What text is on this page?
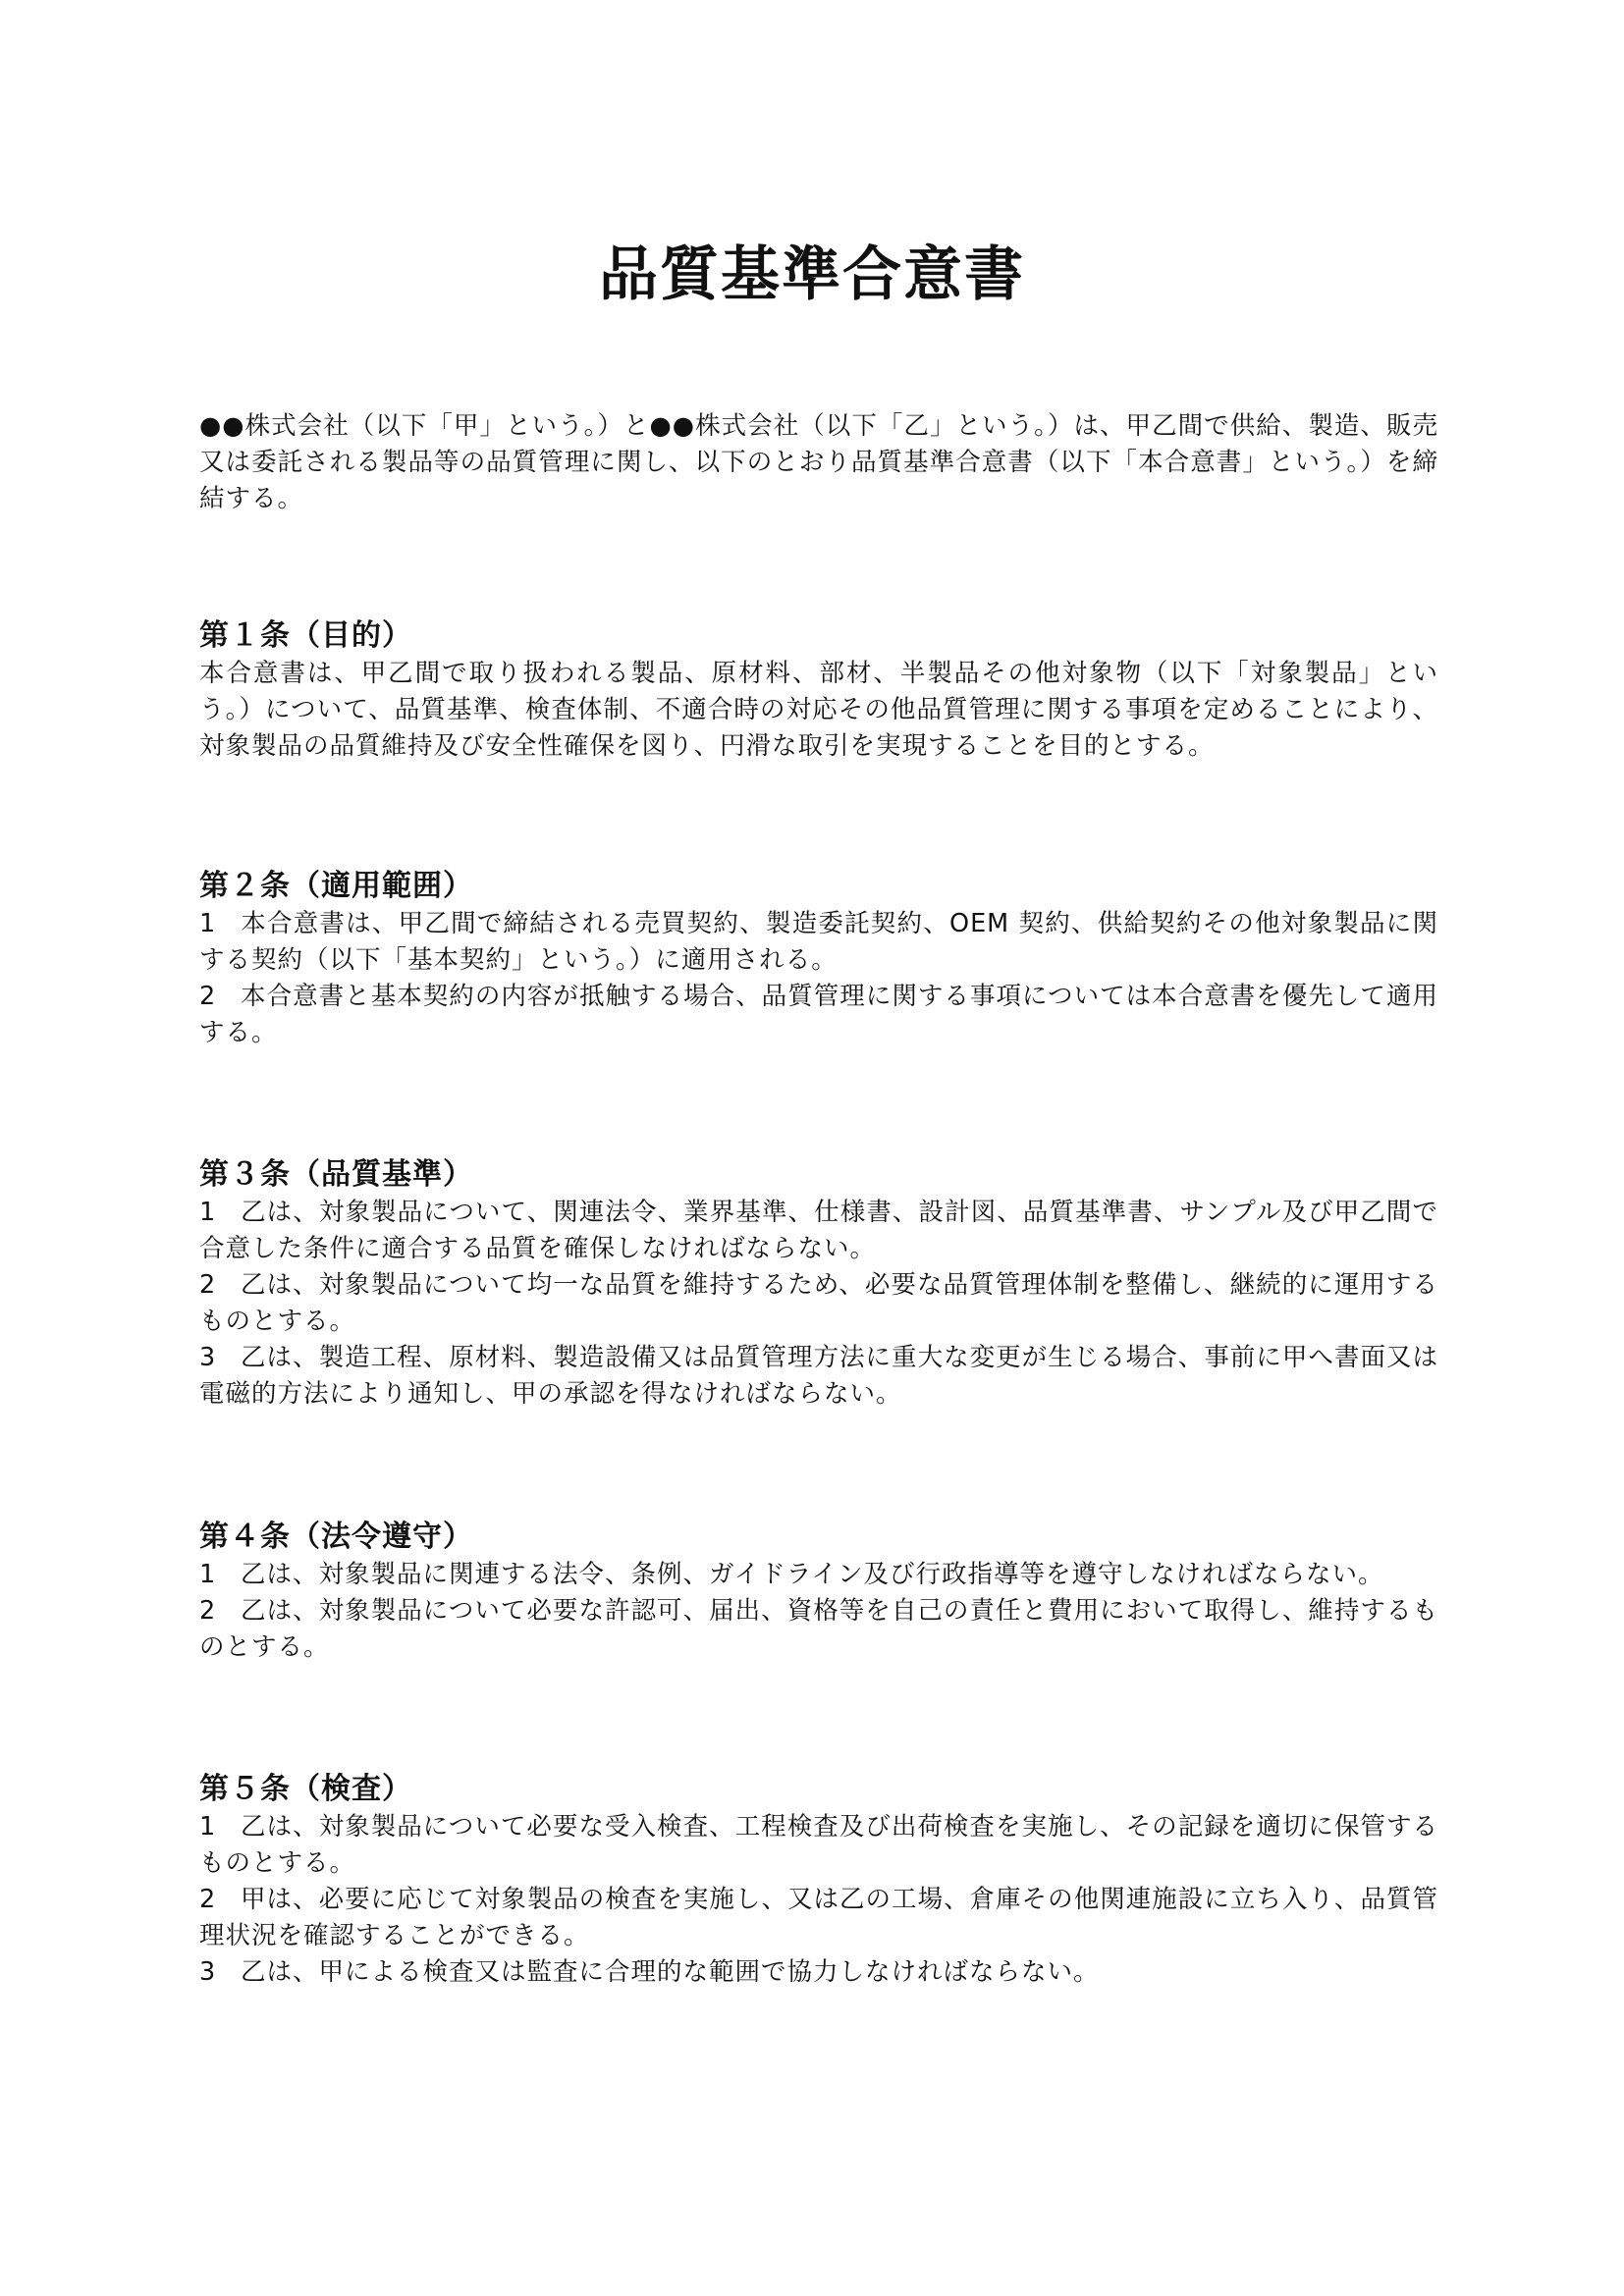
品質基準合意書

●●株式会社（以下「甲」という。）と●●株式会社（以下「乙」という。）は、甲乙間で供給、製造、販売又は委託される製品等の品質管理に関し、以下のとおり品質基準合意書（以下「本合意書」という。）を締結する。

第１条（目的）

本合意書は、甲乙間で取り扱われる製品、原材料、部材、半製品その他対象物（以下「対象製品」という。）について、品質基準、検査体制、不適合時の対応その他品質管理に関する事項を定めることにより、対象製品の品質維持及び安全性確保を図り、円滑な取引を実現することを目的とする。

第２条（適用範囲）

1 本合意書は、甲乙間で締結される売買契約、製造委託契約、OEM 契約、供給契約その他対象製品に関する契約（以下「基本契約」という。）に適用される。

2 本合意書と基本契約の内容が抵触する場合、品質管理に関する事項については本合意書を優先して適用する。

第３条（品質基準）

1 乙は、対象製品について、関連法令、業界基準、仕様書、設計図、品質基準書、サンプル及び甲乙間で合意した条件に適合する品質を確保しなければならない。

2 乙は、対象製品について均一な品質を維持するため、必要な品質管理体制を整備し、継続的に運用するものとする。

3 乙は、製造工程、原材料、製造設備又は品質管理方法に重大な変更が生じる場合、事前に甲へ書面又は電磁的方法により通知し、甲の承認を得なければならない。

第４条（法令遵守）

1 乙は、対象製品に関連する法令、条例、ガイドライン及び行政指導等を遵守しなければならない。

2 乙は、対象製品について必要な許認可、届出、資格等を自己の責任と費用において取得し、維持するものとする。

第５条（検査）

1 乙は、対象製品について必要な受入検査、工程検査及び出荷検査を実施し、その記録を適切に保管するものとする。

2 甲は、必要に応じて対象製品の検査を実施し、又は乙の工場、倉庫その他関連施設に立ち入り、品質管理状況を確認することができる。

3 乙は、甲による検査又は監査に合理的な範囲で協力しなければならない。
